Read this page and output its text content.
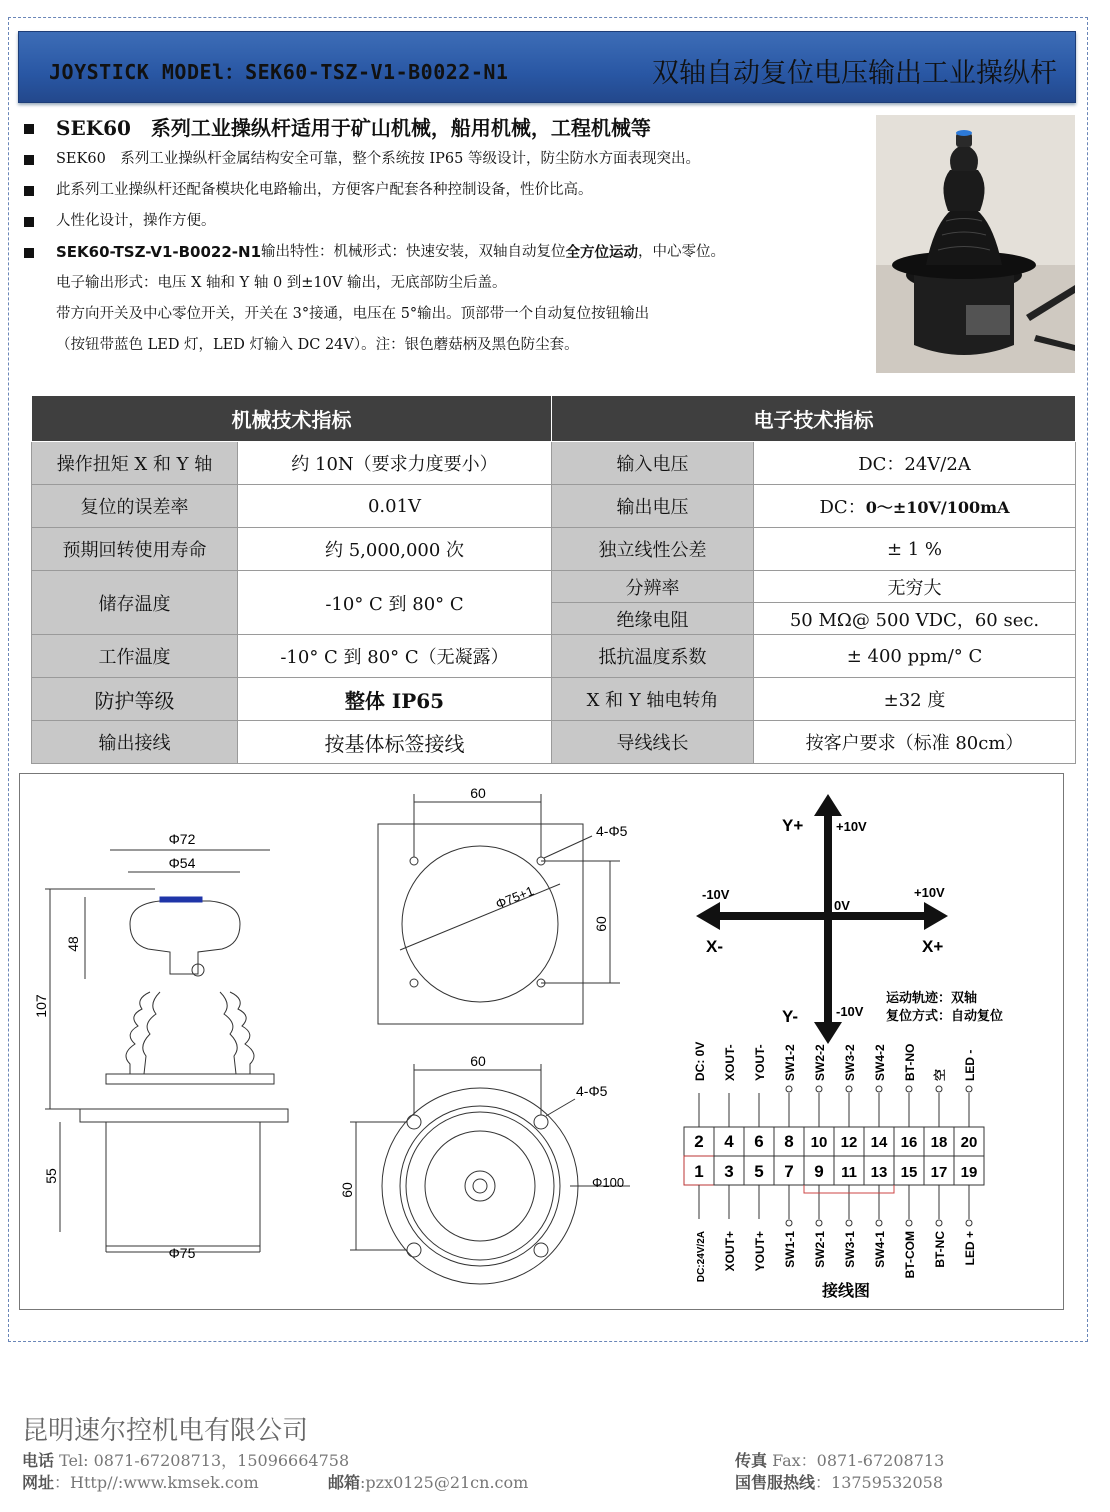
JOYSTICK MODEl：SEK60-TSZ-V1-B0022-N1	双轴自动复位电压输出工业操纵杆
SEK60　系列工业操纵杆适用于矿山机械，船用机械，工程机械等
SEK60　系列工业操纵杆金属结构安全可靠，整个系统按 IP65 等级设计，防尘防水方面表现突出。
此系列工业操纵杆还配备模块化电路输出，方便客户配套各种控制设备，性价比高。
人性化设计，操作方便。
SEK60-TSZ-V1-B0022-N1 输出特性：机械形式：快速安装，双轴自动复位 全方位运动 ，中心零位。
电子输出形式：电压 X 轴和 Y 轴 0 到±10V 输出，无底部防尘后盖。
带方向开关及中心零位开关，开关在 3°接通，电压在 5°输出。顶部带一个自动复位按钮输出
（按钮带蓝色 LED 灯，LED 灯输入 DC 24V）。注：银色蘑菇柄及黑色防尘套。
机械技术指标		电子技术指标	
操作扭矩 X 和 Y 轴	约 10N（要求力度要小）	输入电压	DC：24V/2A
复位的误差率	0.01V	输出电压	DC：0～±10V/100mA
预期回转使用寿命	约 5,000,000 次	独立线性公差	± 1 %
储存温度	-10° C 到 80° C	分辨率	无穷大
		绝缘电阻	50 MΩ@ 500 VDC，60 sec.
工作温度	-10° C 到 80° C（无凝露）	抵抗温度系数	± 400 ppm/° C
防护等级	整体 IP65	X 和 Y 轴电转角	±32 度
输出接线	按基体标签接线	导线线长	按客户要求（标准 80cm）
Φ72
Φ54
48
107
55
Φ75
60
4-Φ5
Φ75+1
60
60
4-Φ5
60	Φ100
Y+	+10V
-10V	+10V
0V
X-	X+
Y-	-10V
运动轨迹：双轴
复位方式：自动复位
2
DC: 0V
4
XOUT-
6
YOUT-
8
SW1-2
10
SW2-2
12
SW3-2
14
SW4-2
16
BT-NO
18
空
20
LED -
1
DC:24V/2A
3
XOUT+
5
YOUT+
7
SW1-1
9
SW2-1
11
SW3-1
13
SW4-1
15
BT-COM
17
BT-NC
19
LED +
接线图
昆明速尔控机电有限公司
电话 Tel: 0871-67208713，15096664758	传真 Fax：0871-67208713
网址：Http//:www.kmsek.com	邮箱:pzx0125@21cn.com	国售服热线：13759532058
